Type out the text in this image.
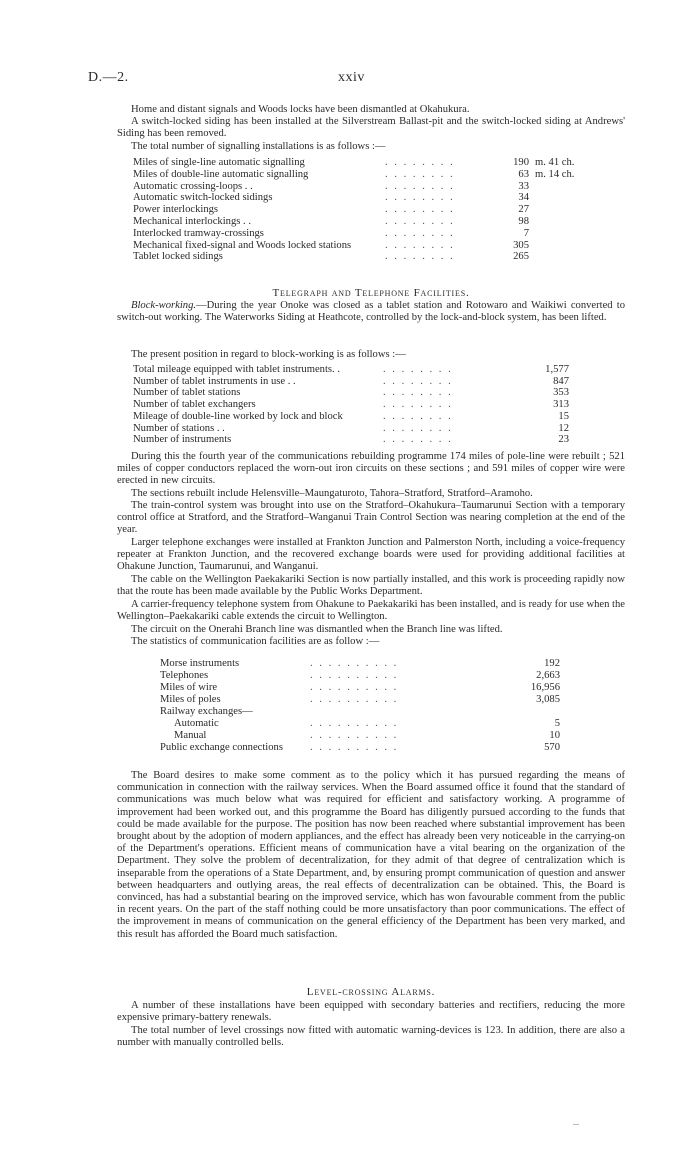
D.—2.	xxiv

Home and distant signals and Woods locks have been dismantled at Okahukura.

A switch-locked siding has been installed at the Silverstream Ballast-pit and the switch-locked siding at Andrews' Siding has been removed.

The total number of signalling installations is as follows :—

Miles of single-line automatic signalling	. . . . . . . .	190 m. 41 ch.
Miles of double-line automatic signalling	. . . . . . . .	63 m. 14 ch.
Automatic crossing-loops . .	. . . . . . . .	33
Automatic switch-locked sidings	. . . . . . . .	34
Power interlockings	. . . . . . . .	27
Mechanical interlockings . .	. . . . . . . .	98
Interlocked tramway-crossings	. . . . . . . .	7
Mechanical fixed-signal and Woods locked stations	. . . . . . . .	305
Tablet locked sidings	. . . . . . . .	265
Telegraph and Telephone Facilities.

Block-working.—During the year Onoke was closed as a tablet station and Rotowaro and Waikiwi converted to switch-out working. The Waterworks Siding at Heathcote, controlled by the lock-and-block system, has been lifted.

The present position in regard to block-working is as follows :—

Total mileage equipped with tablet instruments. .	. . . . . . . .	1,577
Number of tablet instruments in use . .	. . . . . . . .	847
Number of tablet stations	. . . . . . . .	353
Number of tablet exchangers	. . . . . . . .	313
Mileage of double-line worked by lock and block	. . . . . . . .	15
Number of stations . .	. . . . . . . .	12
Number of instruments	. . . . . . . .	23

During this the fourth year of the communications rebuilding programme 174 miles of pole-line were rebuilt ; 521 miles of copper conductors replaced the worn-out iron circuits on these sections ; and 591 miles of copper wire were erected in new circuits.

The sections rebuilt include Helensville–Maungaturoto, Tahora–Stratford, Stratford–Aramoho.

The train-control system was brought into use on the Stratford–Okahukura–Taumarunui Section with a temporary control office at Stratford, and the Stratford–Wanganui Train Control Section was nearing completion at the end of the year.

Larger telephone exchanges were installed at Frankton Junction and Palmerston North, including a voice-frequency repeater at Frankton Junction, and the recovered exchange boards were used for providing additional facilities at Ohakune Junction, Taumarunui, and Wanganui.

The cable on the Wellington Paekakariki Section is now partially installed, and this work is proceeding rapidly now that the route has been made available by the Public Works Department.

A carrier-frequency telephone system from Ohakune to Paekakariki has been installed, and is ready for use when the Wellington–Paekakariki cable extends the circuit to Wellington.

The circuit on the Onerahi Branch line was dismantled when the Branch line was lifted.

The statistics of communication facilities are as follow :—

Morse instruments	. . . . . . . . . .	192
Telephones	. . . . . . . . . .	2,663
Miles of wire	. . . . . . . . . .	16,956
Miles of poles	. . . . . . . . . .	3,085
Railway exchanges—
Automatic	. . . . . . . . . .	5
Manual	. . . . . . . . . .	10
Public exchange connections	. . . . . . . . . .	570

The Board desires to make some comment as to the policy which it has pursued regarding the means of communication in connection with the railway services. When the Board assumed office it found that the standard of communications was much below what was required for efficient and satisfactory working. A programme of improvement had been worked out, and this programme the Board has diligently pursued according to the funds that could be made available for the purpose. The position has now been reached where substantial improvement has been brought about by the adoption of modern appliances, and the effect has already been very noticeable in the carrying-on of the Department's operations. Efficient means of communication have a vital bearing on the organization of the Department. They solve the problem of decentralization, for they admit of that degree of centralization which is inseparable from the operations of a State Department, and, by ensuring prompt communication of question and answer between headquarters and outlying areas, the real effects of decentralization can be obtained. This, the Board is convinced, has had a substantial bearing on the improved service, which has won favourable comment from the public in recent years. On the part of the staff nothing could be more unsatisfactory than poor communications. The effect of the improvement in means of communication on the general efficiency of the Department has been very marked, and this result has afforded the Board much satisfaction.

Level-crossing Alarms.

A number of these installations have been equipped with secondary batteries and rectifiers, reducing the more expensive primary-battery renewals.

The total number of level crossings now fitted with automatic warning-devices is 123. In addition, there are also a number with manually controlled bells.
